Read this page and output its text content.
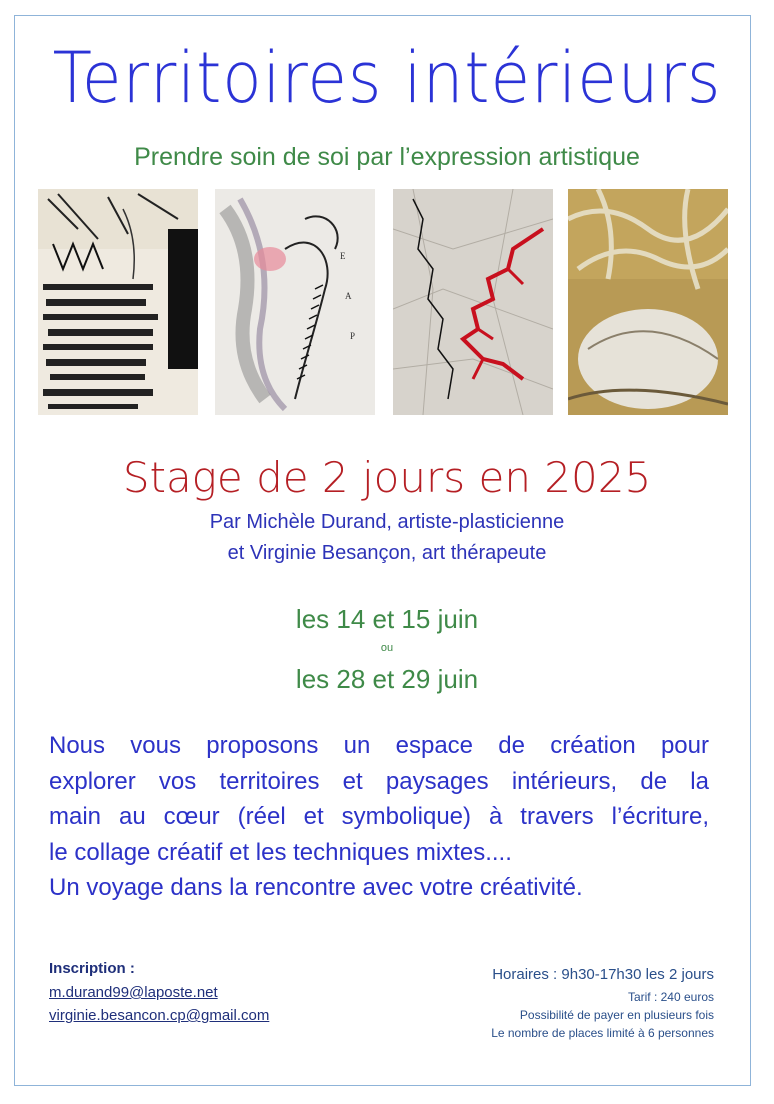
Territoires intérieurs
Prendre soin de soi par l’expression artistique
E
A
P
Stage de 2 jours en 2025
Par Michèle Durand, artiste-plasticienne
et Virginie Besançon, art thérapeute
les 14 et 15 juin
ou
les 28 et 29 juin

Nous vous proposons un espace de création pour

explorer vos territoires et paysages intérieurs, de la

main au cœur (réel et symbolique) à travers l’écriture,

le collage créatif et les techniques mixtes....

Un voyage dans la rencontre avec votre créativité.

Inscription :
m.durand99@laposte.net
virginie.besancon.cp@gmail.com
Horaires : 9h30-17h30 les 2 jours
Tarif : 240 euros
Possibilité de payer en plusieurs fois
Le nombre de places limité à 6 personnes
